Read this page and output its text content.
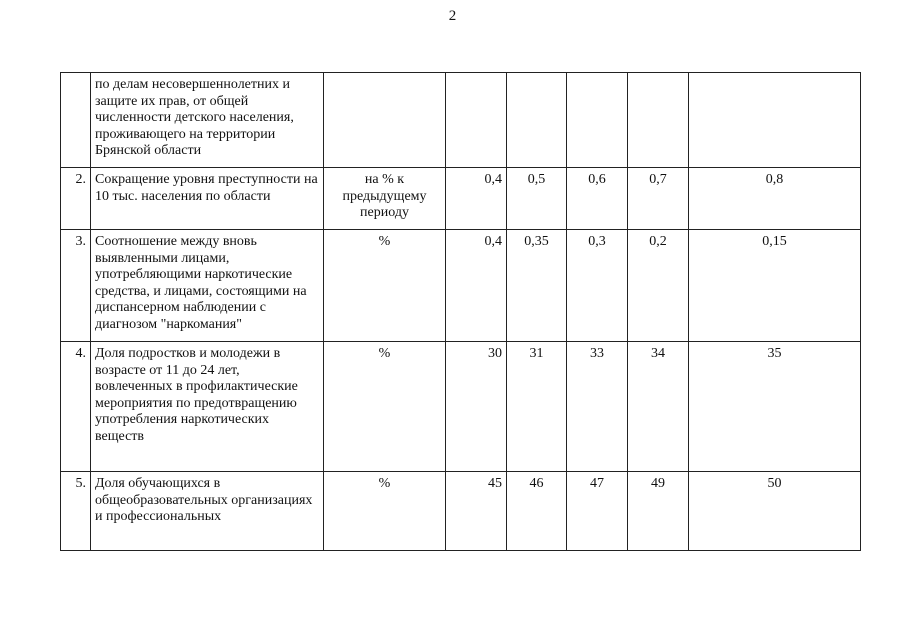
2
	по делам несовершеннолетних и защите их прав, от общей численности детского населения, проживающего на территории Брянской области						
2.	Сокращение уровня преступности на 10 тыс. населения по области	на % к предыдущему периоду	0,4	0,5	0,6	0,7	0,8
3.	Соотношение между вновь выявленными лицами, употребляющими наркотические средства, и лицами, состоящими на диспансерном наблюдении с диагнозом "наркомания"	%	0,4	0,35	0,3	0,2	0,15
4.	Доля подростков и молодежи в возрасте от 11 до 24 лет, вовлеченных в профилактические мероприятия по предотвращению употребления наркотических веществ	%	30	31	33	34	35
5.	Доля обучающихся в общеобразовательных организациях и профессиональных	%	45	46	47	49	50
